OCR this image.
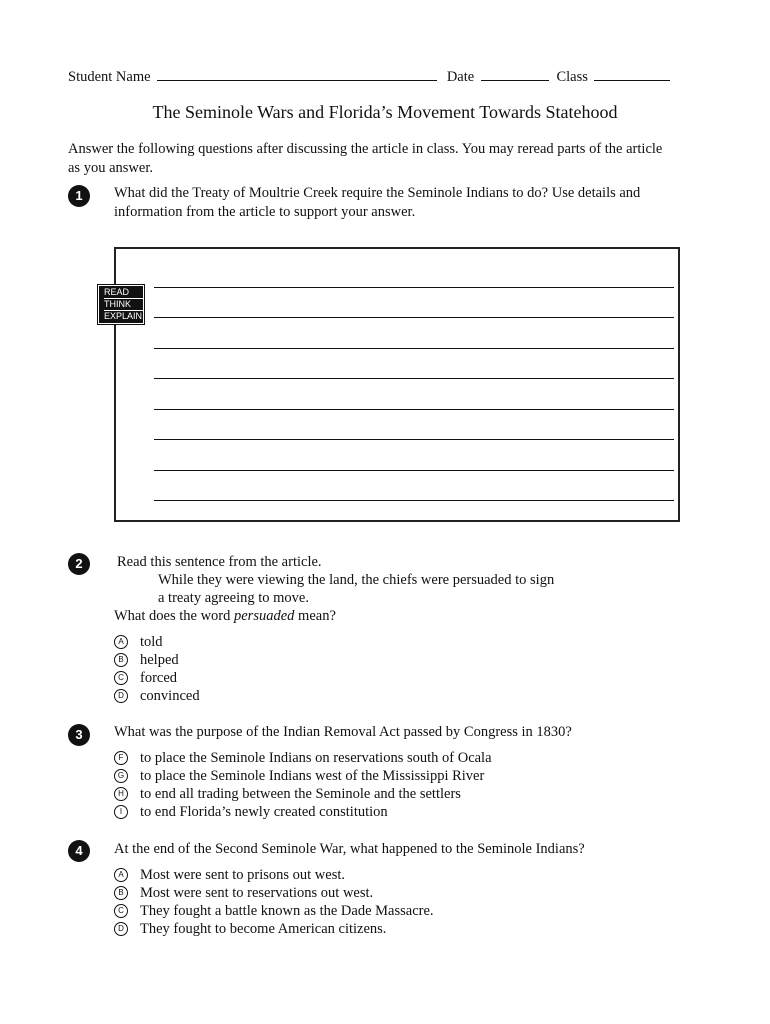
Student Name	Date	Class
The Seminole Wars and Florida’s Movement Towards Statehood
Answer the following questions after discussing the article in class. You may reread parts of the article as you answer.
1	What did the Treaty of Moultrie Creek require the Seminole Indians to do? Use details and information from the article to support your answer.
READ
THINK
EXPLAIN
2	Read this sentence from the article.
While they were viewing the land, the chiefs were persuaded to sign
a treaty agreeing to move.
What does the word persuaded mean?
A told
B helped
C forced
D convinced
3	What was the purpose of the Indian Removal Act passed by Congress in 1830?
F to place the Seminole Indians on reservations south of Ocala
G to place the Seminole Indians west of the Mississippi River
H to end all trading between the Seminole and the settlers
I to end Florida’s newly created constitution
4	At the end of the Second Seminole War, what happened to the Seminole Indians?
A Most were sent to prisons out west.
B Most were sent to reservations out west.
C They fought a battle known as the Dade Massacre.
D They fought to become American citizens.
